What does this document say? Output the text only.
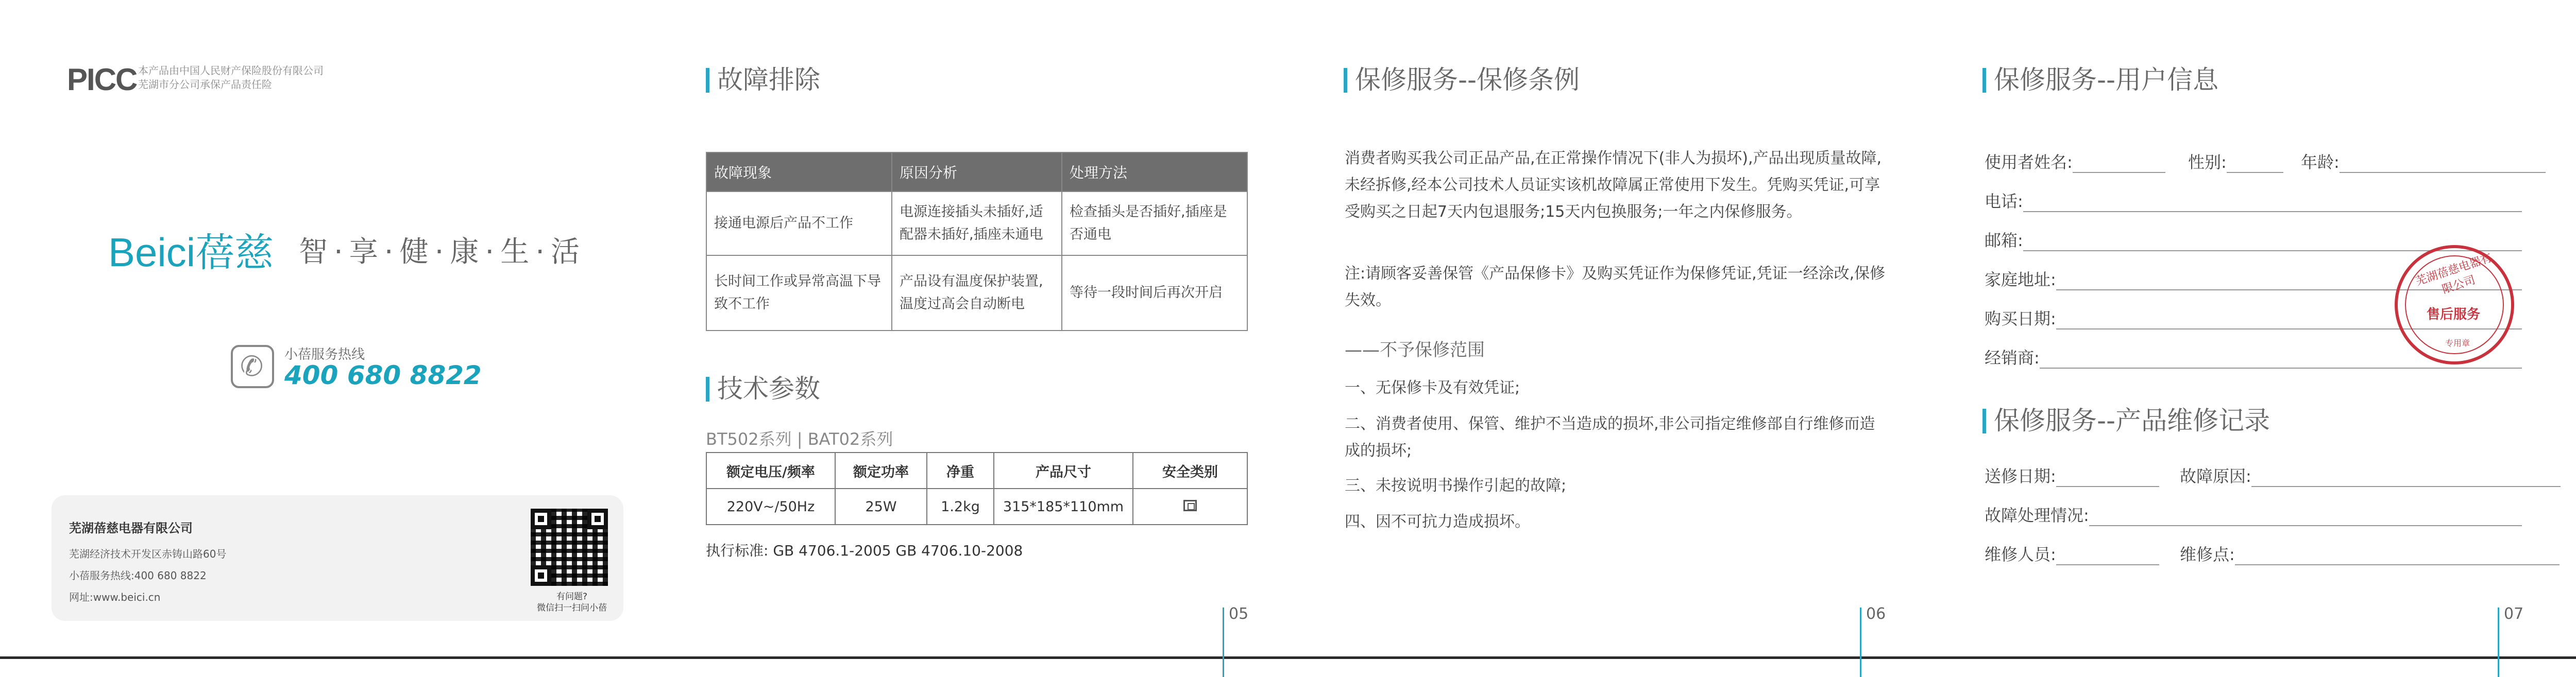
PICC 本产品由中国人民财产保险股份有限公司
芜湖市分公司承保产品责任险
Beici蓓慈 智·享·健·康·生·活
✆
小蓓服务热线
400 680 8822
芜湖蓓慈电器有限公司
芜湖经济技术开发区赤铸山路60号
小蓓服务热线:400 680 8822
网址:www.beici.cn	有问题?
微信扫一扫问小蓓
故障排除
故障现象	原因分析	处理方法
接通电源后产品不工作	电源连接插头未插好,适配器未插好,插座未通电	检查插头是否插好,插座是否通电
长时间工作或异常高温下导致不工作	产品设有温度保护装置,温度过高会自动断电	等待一段时间后再次开启
技术参数
BT502系列 | BAT02系列
额定电压/频率	额定功率	净重	产品尺寸	安全类别
220V~/50Hz	25W	1.2kg	315*185*110mm	
执行标准: GB 4706.1-2005 GB 4706.10-2008
05
保修服务--保修条例
消费者购买我公司正品产品,在正常操作情况下(非人为损坏),产品出现质量故障,未经拆修,经本公司技术人员证实该机故障属正常使用下发生。凭购买凭证,可享受购买之日起7天内包退服务;15天内包换服务;一年之内保修服务。
注:请顾客妥善保管《产品保修卡》及购买凭证作为保修凭证,凭证一经涂改,保修失效。
——不予保修范围
一、无保修卡及有效凭证;
二、消费者使用、保管、维护不当造成的损坏,非公司指定维修部自行维修而造成的损坏;
三、未按说明书操作引起的故障;
四、因不可抗力造成损坏。
06
保修服务--用户信息
使用者姓名:	性别:	年龄:
电话:
邮箱:
家庭地址:
购买日期:
经销商:
芜湖蓓慈电器有限公司
售后服务
专用章
保修服务--产品维修记录
送修日期:	故障原因:
故障处理情况:
维修人员:	维修点:
07
